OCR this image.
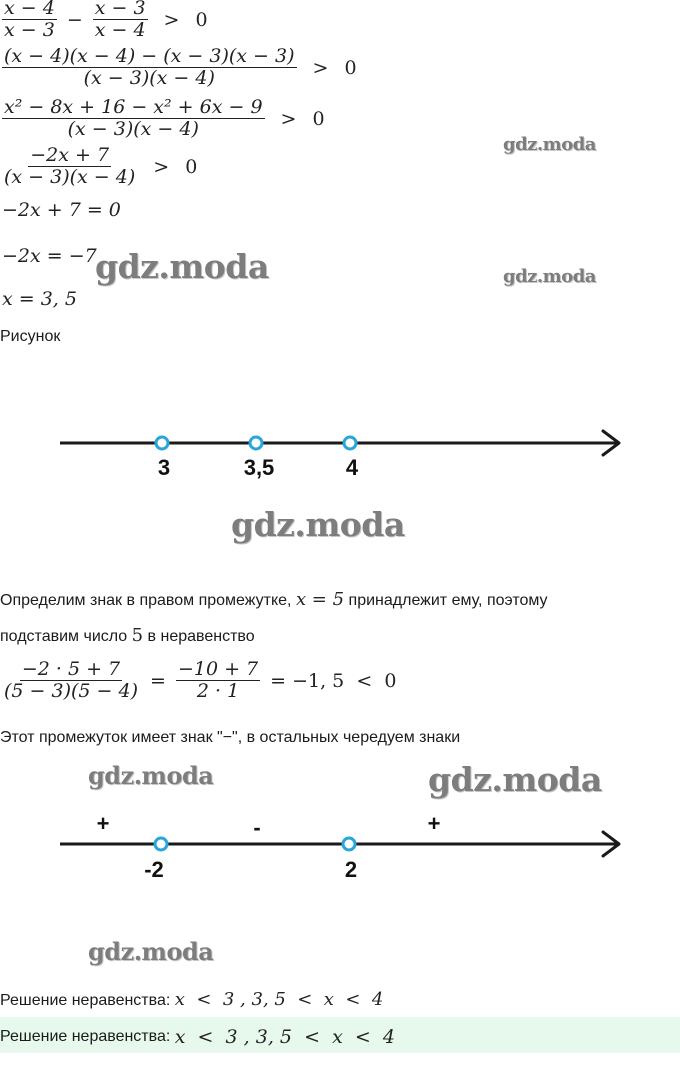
$\frac{x - 4}{x - 3} - \frac{x - 3}{x - 4} > 0$
$\frac{(x - 4)(x - 4) - (x - 3)(x - 3)}{(x - 3)(x - 4)} > 0$
$\frac{\text{x² − 8x + 16 − x² + 6x − 9}}{(x - 3)(x - 4)} > 0$
$\frac{-2x + 7}{(x - 3)(x - 4)} > 0$
−2x + 7 = 0
−2x = −7
x = 3, 5
Рисунок
3	3,5	4
Определим знак в правом промежутке,
x = 5
принадлежит ему, поэтому
подставим число
5
в неравенство
$\frac{-2 \cdot 5 + 7}{(5 - 3)(5 - 4)} = \frac{-10 + 7}{2 \cdot 1} = -1$, 5  <  0
Этот промежуток имеет знак "−", в остальных чередуем знаки
+	-	+
-2	2
Решение неравенства:
x  <  3 , 3, 5  <  x  <  4
Решение неравенства:
x  <  3 , 3, 5  <  x  <  4
gdz.moda
gdz.moda	gdz.moda
gdz.moda
gdz.moda	gdz.moda
gdz.moda
